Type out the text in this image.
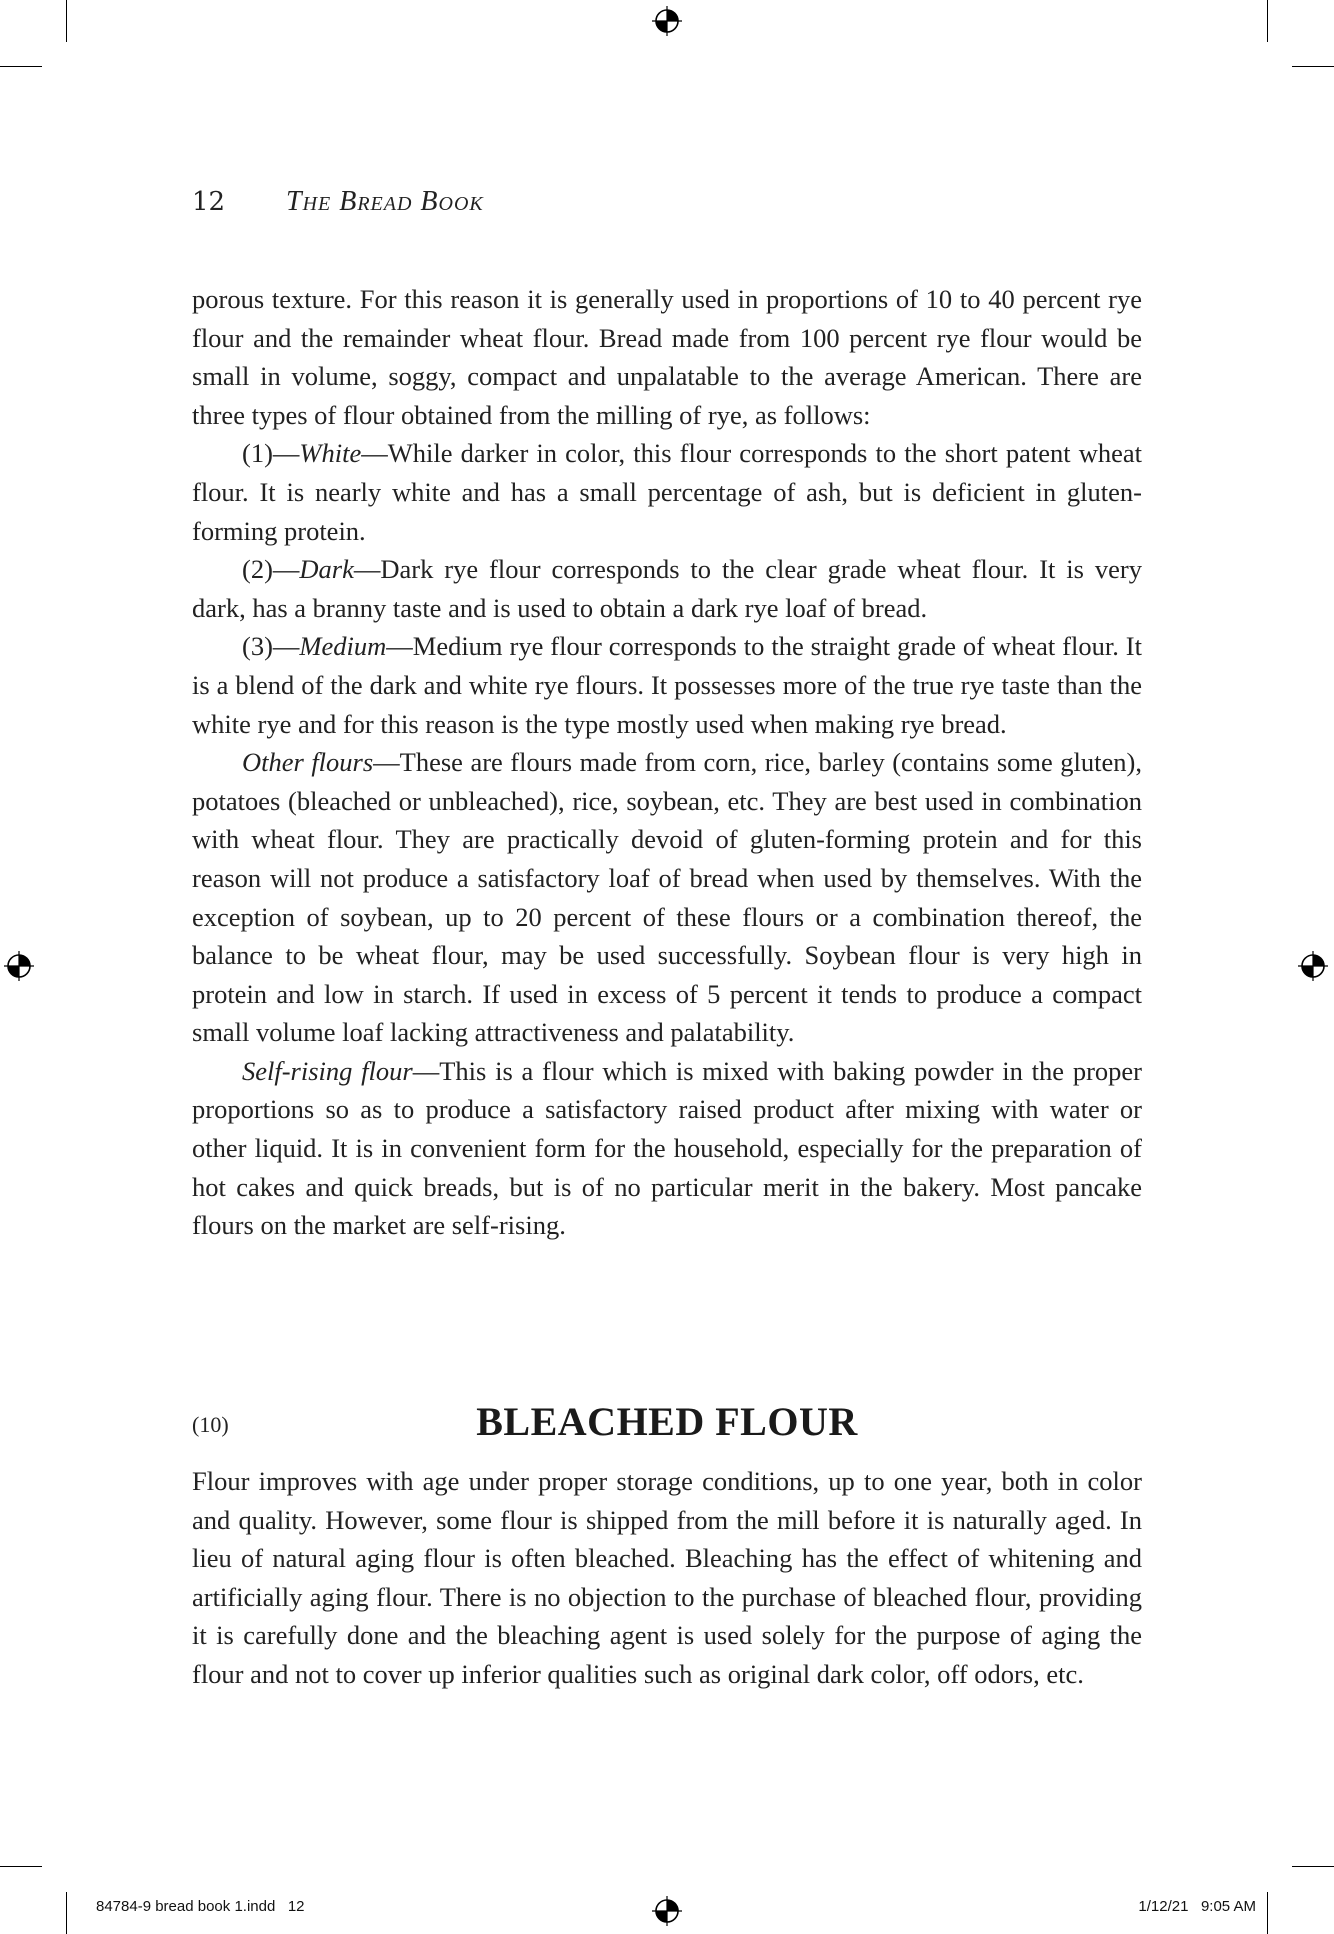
12	The Bread Book

porous texture. For this reason it is generally used in proportions of 10 to 40 percent rye flour and the remainder wheat flour. Bread made from 100 percent rye flour would be small in volume, soggy, compact and unpalatable to the average American. There are three types of flour obtained from the milling of rye, as follows:

(1)—White—While darker in color, this flour corresponds to the short patent wheat flour. It is nearly white and has a small percentage of ash, but is deficient in gluten-forming protein.

(2)—Dark—Dark rye flour corresponds to the clear grade wheat flour. It is very dark, has a branny taste and is used to obtain a dark rye loaf of bread.

(3)—Medium—Medium rye flour corresponds to the straight grade of wheat flour. It is a blend of the dark and white rye flours. It possesses more of the true rye taste than the white rye and for this reason is the type mostly used when making rye bread.

Other flours—These are flours made from corn, rice, barley (contains some gluten), potatoes (bleached or unbleached), rice, soybean, etc. They are best used in combination with wheat flour. They are practically devoid of gluten-forming protein and for this reason will not produce a satisfactory loaf of bread when used by themselves. With the exception of soybean, up to 20 percent of these flours or a combination thereof, the balance to be wheat flour, may be used successfully. Soybean flour is very high in protein and low in starch. If used in excess of 5 percent it tends to produce a compact small volume loaf lacking attractiveness and palatability.

Self-rising flour—This is a flour which is mixed with baking powder in the proper proportions so as to produce a satisfactory raised product after mixing with water or other liquid. It is in convenient form for the household, especially for the preparation of hot cakes and quick breads, but is of no particular merit in the bakery. Most pancake flours on the market are self-rising.

(10)	BLEACHED FLOUR

Flour improves with age under proper storage conditions, up to one year, both in color and quality. However, some flour is shipped from the mill before it is naturally aged. In lieu of natural aging flour is often bleached. Bleaching has the effect of whitening and artificially aging flour. There is no objection to the purchase of bleached flour, providing it is carefully done and the bleaching agent is used solely for the purpose of aging the flour and not to cover up inferior qualities such as original dark color, off odors, etc.

84784-9 bread book 1.indd   12	1/12/21   9:05 AM
